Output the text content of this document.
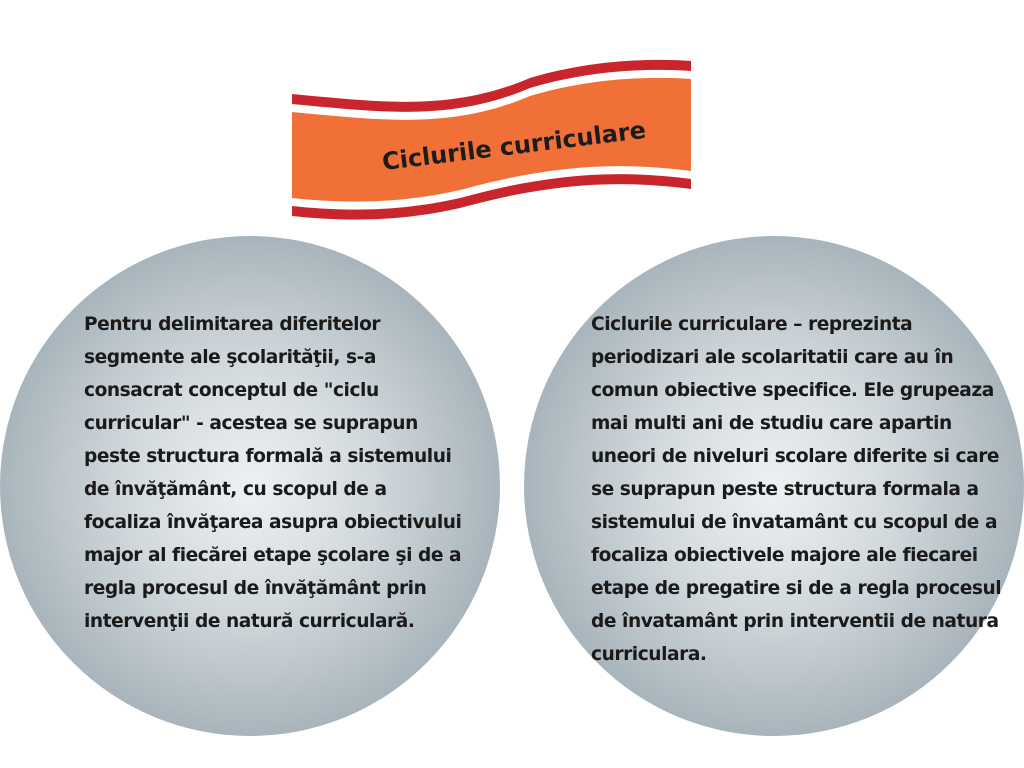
Ciclurile curriculare

Pentru delimitarea diferitelor
segmente ale şcolarităţii, s-a
consacrat conceptul de "ciclu
curricular" - acestea se suprapun
peste structura formală a sistemului
de învăţământ, cu scopul de a
focaliza învăţarea asupra obiectivului
major al fiecărei etape şcolare şi de a
regla procesul de învăţământ prin
intervenţii de natură curriculară.

Ciclurile curriculare – reprezinta
periodizari ale scolaritatii care au în
comun obiective specifice. Ele grupeaza
mai multi ani de studiu care apartin
uneori de niveluri scolare diferite si care
se suprapun peste structura formala a
sistemului de învatamânt cu scopul de a
focaliza obiectivele majore ale fiecarei
etape de pregatire si de a regla procesul
de învatamânt prin interventii de natura
curriculara.
